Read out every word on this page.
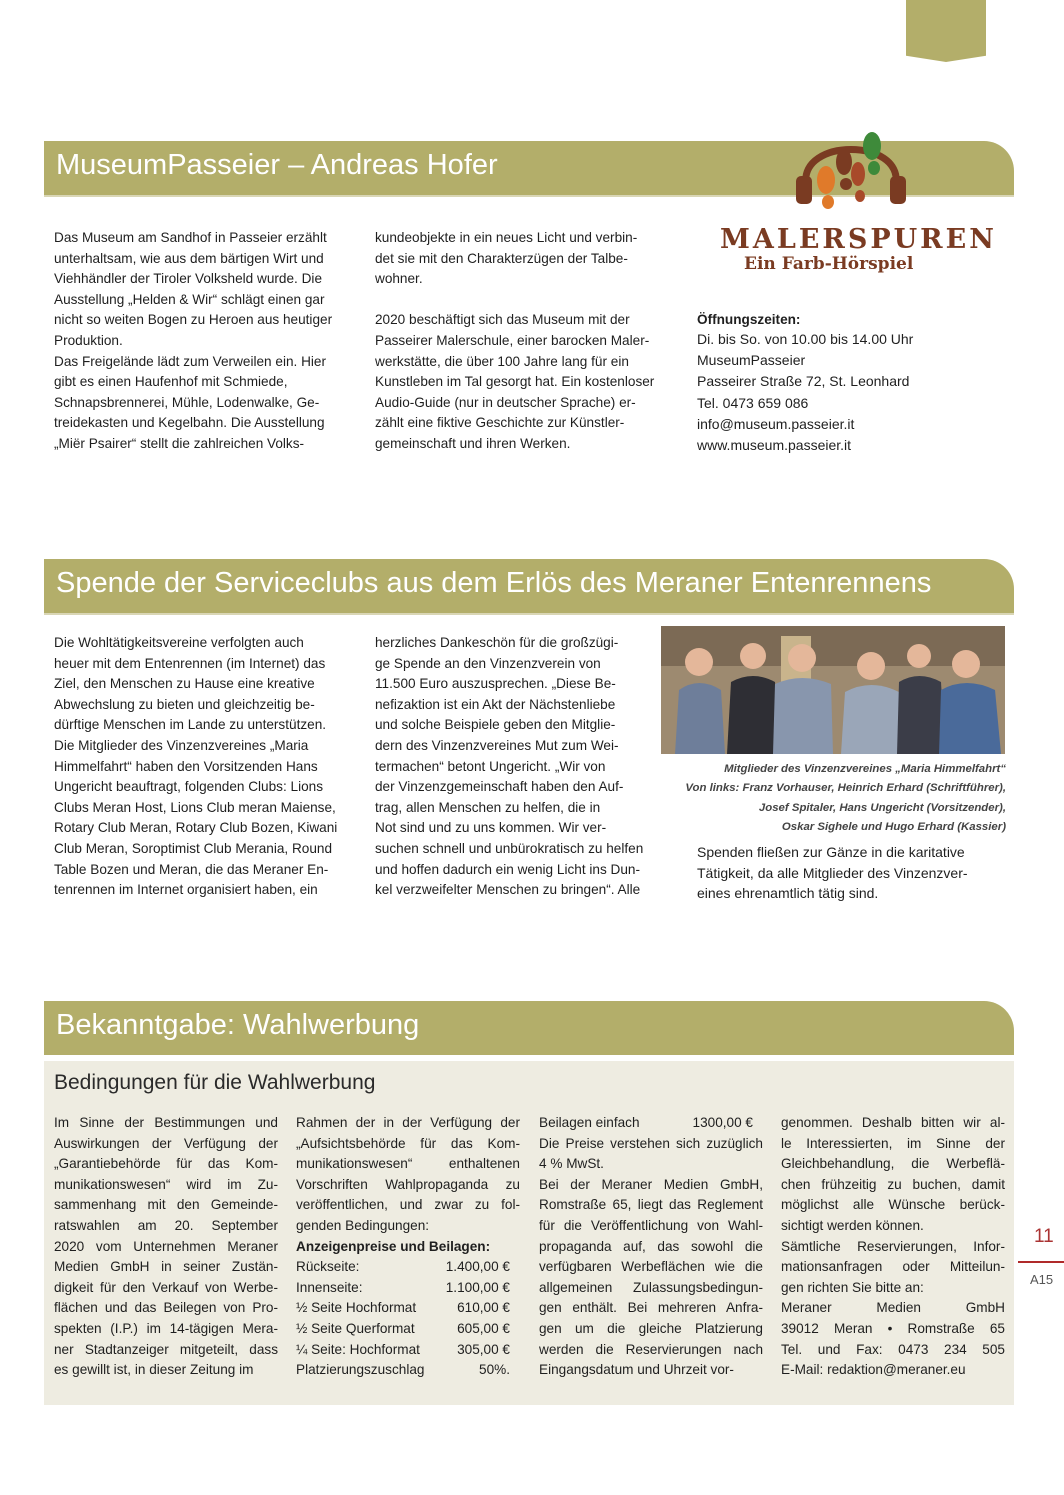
MuseumPasseier – Andreas Hofer
Das Museum am Sandhof in Passeier erzählt
unterhaltsam, wie aus dem bärtigen Wirt und
Viehhändler der Tiroler Volksheld wurde. Die
Ausstellung „Helden & Wir“ schlägt einen gar
nicht so weiten Bogen zu Heroen aus heutiger
Produktion.
Das Freigelände lädt zum Verweilen ein. Hier
gibt es einen Haufenhof mit Schmiede,
Schnapsbrennerei, Mühle, Lodenwalke, Ge-
treidekasten und Kegelbahn. Die Ausstellung
„Miër Psairer“ stellt die zahlreichen Volks-
kundeobjekte in ein neues Licht und verbin-
det sie mit den Charakterzügen der Talbe-
wohner.

2020 beschäftigt sich das Museum mit der
Passeirer Malerschule, einer barocken Maler-
werkstätte, die über 100 Jahre lang für ein
Kunstleben im Tal gesorgt hat. Ein kostenloser
Audio-Guide (nur in deutscher Sprache) er-
zählt eine fiktive Geschichte zur Künstler-
gemeinschaft und ihren Werken.
MALERSPUREN
Ein Farb-Hörspiel
Öffnungszeiten:
Di. bis So. von 10.00 bis 14.00 Uhr
MuseumPasseier
Passeirer Straße 72, St. Leonhard
Tel. 0473 659 086
info@museum.passeier.it
www.museum.passeier.it
Spende der Serviceclubs aus dem Erlös des Meraner Entenrennens
Die Wohltätigkeitsvereine verfolgten auch
heuer mit dem Entenrennen (im Internet) das
Ziel, den Menschen zu Hause eine kreative
Abwechslung zu bieten und gleichzeitig be-
dürftige Menschen im Lande zu unterstützen.
Die Mitglieder des Vinzenzvereines „Maria
Himmelfahrt“ haben den Vorsitzenden Hans
Ungericht beauftragt, folgenden Clubs: Lions
Clubs Meran Host, Lions Club meran Maiense,
Rotary Club Meran, Rotary Club Bozen, Kiwani
Club Meran, Soroptimist Club Merania, Round
Table Bozen und Meran, die das Meraner En-
tenrennen im Internet organisiert haben, ein
herzliches Dankeschön für die großzügi-
ge Spende an den Vinzenzverein von
11.500 Euro auszusprechen. „Diese Be-
nefizaktion ist ein Akt der Nächstenliebe
und solche Beispiele geben den Mitglie-
dern des Vinzenzvereines Mut zum Wei-
termachen“ betont Ungericht. „Wir von
der Vinzenzgemeinschaft haben den Auf-
trag, allen Menschen zu helfen, die in
Not sind und zu uns kommen. Wir ver-
suchen schnell und unbürokratisch zu helfen
und hoffen dadurch ein wenig Licht ins Dun-
kel verzweifelter Menschen zu bringen“. Alle
Mitglieder des Vinzenzvereines „Maria Himmelfahrt“
Von links: Franz Vorhauser, Heinrich Erhard (Schriftführer),
Josef Spitaler, Hans Ungericht (Vorsitzender),
Oskar Sighele und Hugo Erhard (Kassier)
Spenden fließen zur Gänze in die karitative
Tätigkeit, da alle Mitglieder des Vinzenzver-
eines ehrenamtlich tätig sind.
Bekanntgabe: Wahlwerbung
Bedingungen für die Wahlwerbung
Im Sinne der Bestimmungen und
Auswirkungen der Verfügung der
„Garantiebehörde für das Kom-
munikationswesen“ wird im Zu-
sammenhang mit den Gemeinde-
ratswahlen am 20. September
2020 vom Unternehmen Meraner
Medien GmbH in seiner Zustän-
digkeit für den Verkauf von Werbe-
flächen und das Beilegen von Pro-
spekten (I.P.) im 14-tägigen Mera-
ner Stadtanzeiger mitgeteilt, dass
es gewillt ist, in dieser Zeitung im
Rahmen der in der Verfügung der
„Aufsichtsbehörde für das Kom-
munikationswesen“ enthaltenen
Vorschriften Wahlpropaganda zu
veröffentlichen, und zwar zu fol-
genden Bedingungen:
Anzeigenpreise und Beilagen:
Rückseite:	1.400,00 €
Innenseite:	1.100,00 €
½ Seite Hochformat	610,00 €
½ Seite Querformat	605,00 €
¼ Seite: Hochformat	305,00 €
Platzierungszuschlag	50%.
Beilagen einfach	1300,00 €
Die Preise verstehen sich zuzüglich
4 % MwSt.
Bei der Meraner Medien GmbH,
Romstraße 65, liegt das Reglement
für die Veröffentlichung von Wahl-
propaganda auf, das sowohl die
verfügbaren Werbeflächen wie die
allgemeinen Zulassungsbedingun-
gen enthält. Bei mehreren Anfra-
gen um die gleiche Platzierung
werden die Reservierungen nach
Eingangsdatum und Uhrzeit vor-
genommen. Deshalb bitten wir al-
le Interessierten, im Sinne der
Gleichbehandlung, die Werbeflä-
chen frühzeitig zu buchen, damit
möglichst alle Wünsche berück-
sichtigt werden können.
Sämtliche Reservierungen, Infor-
mationsanfragen oder Mitteilun-
gen richten Sie bitte an:
Meraner Medien GmbH
39012 Meran • Romstraße 65
Tel. und Fax: 0473 234 505
E-Mail: redaktion@meraner.eu
11
A15
